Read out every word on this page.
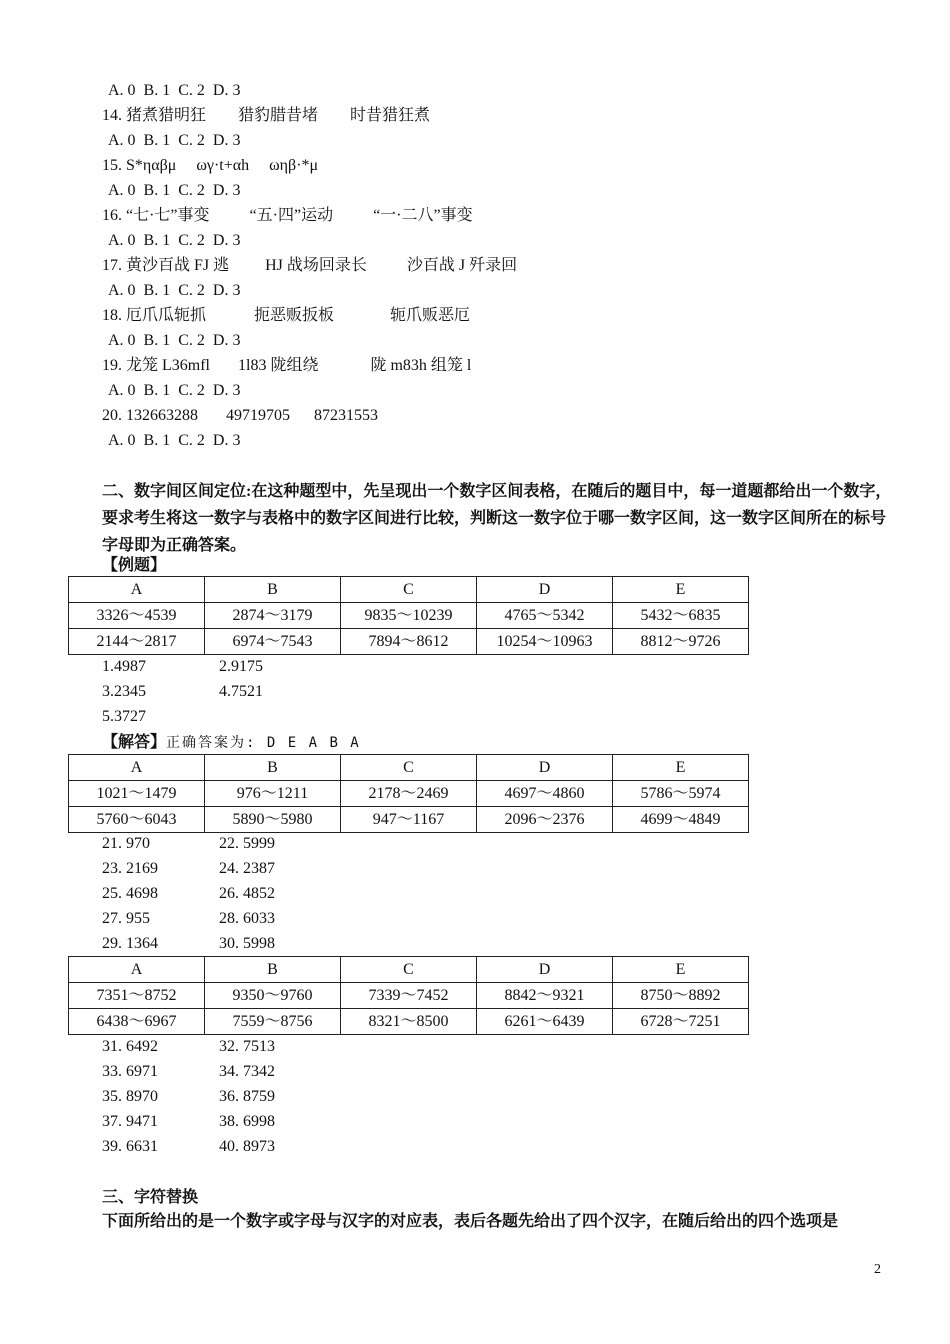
A. 0  B. 1  C. 2  D. 3
14. 猪煮猎明狂        猎豹腊昔堵        时昔猎狂煮
A. 0  B. 1  C. 2  D. 3
15. S*ηαβμ     ωγ·t+αh     ωηβ·*μ
A. 0  B. 1  C. 2  D. 3
16. “七·七”事变          “五·四”运动          “一·二八”事变
A. 0  B. 1  C. 2  D. 3
17. 黄沙百战 FJ 逃         HJ 战场回录长          沙百战 J 歼录回
A. 0  B. 1  C. 2  D. 3
18. 厄爪瓜轭抓            扼恶贩扳板              轭爪贩恶厄
A. 0  B. 1  C. 2  D. 3
19. 龙笼 L36mfl       1l83 陇组绕             陇 m83h 组笼 l
A. 0  B. 1  C. 2  D. 3
20. 132663288       49719705      87231553
A. 0  B. 1  C. 2  D. 3
二、数字间区间定位:在这种题型中，先呈现出一个数字区间表格，在随后的题目中，每一道题都给出一个数字，要求考生将这一数字与表格中的数字区间进行比较，判断这一数字位于哪一数字区间，这一数字区间所在的标号字母即为正确答案。
【例题】
A	B	C	D	E
3326～4539	2874～3179	9835～10239	4765～5342	5432～6835
2144～2817	6974～7543	7894～8612	10254～10963	8812～9726
1.4987	2.9175
3.2345	4.7521
5.3727
【解答】正确答案为: D E A B A
A	B	C	D	E
1021～1479	976～1211	2178～2469	4697～4860	5786～5974
5760～6043	5890～5980	947～1167	2096～2376	4699～4849
21. 970	22. 5999
23. 2169	24. 2387
25. 4698	26. 4852
27. 955	28. 6033
29. 1364	30. 5998
A	B	C	D	E
7351～8752	9350～9760	7339～7452	8842～9321	8750～8892
6438～6967	7559～8756	8321～8500	6261～6439	6728～7251
31. 6492	32. 7513
33. 6971	34. 7342
35. 8970	36. 8759
37. 9471	38. 6998
39. 6631	40. 8973
三、字符替换
下面所给出的是一个数字或字母与汉字的对应表，表后各题先给出了四个汉字，在随后给出的四个选项是
2
